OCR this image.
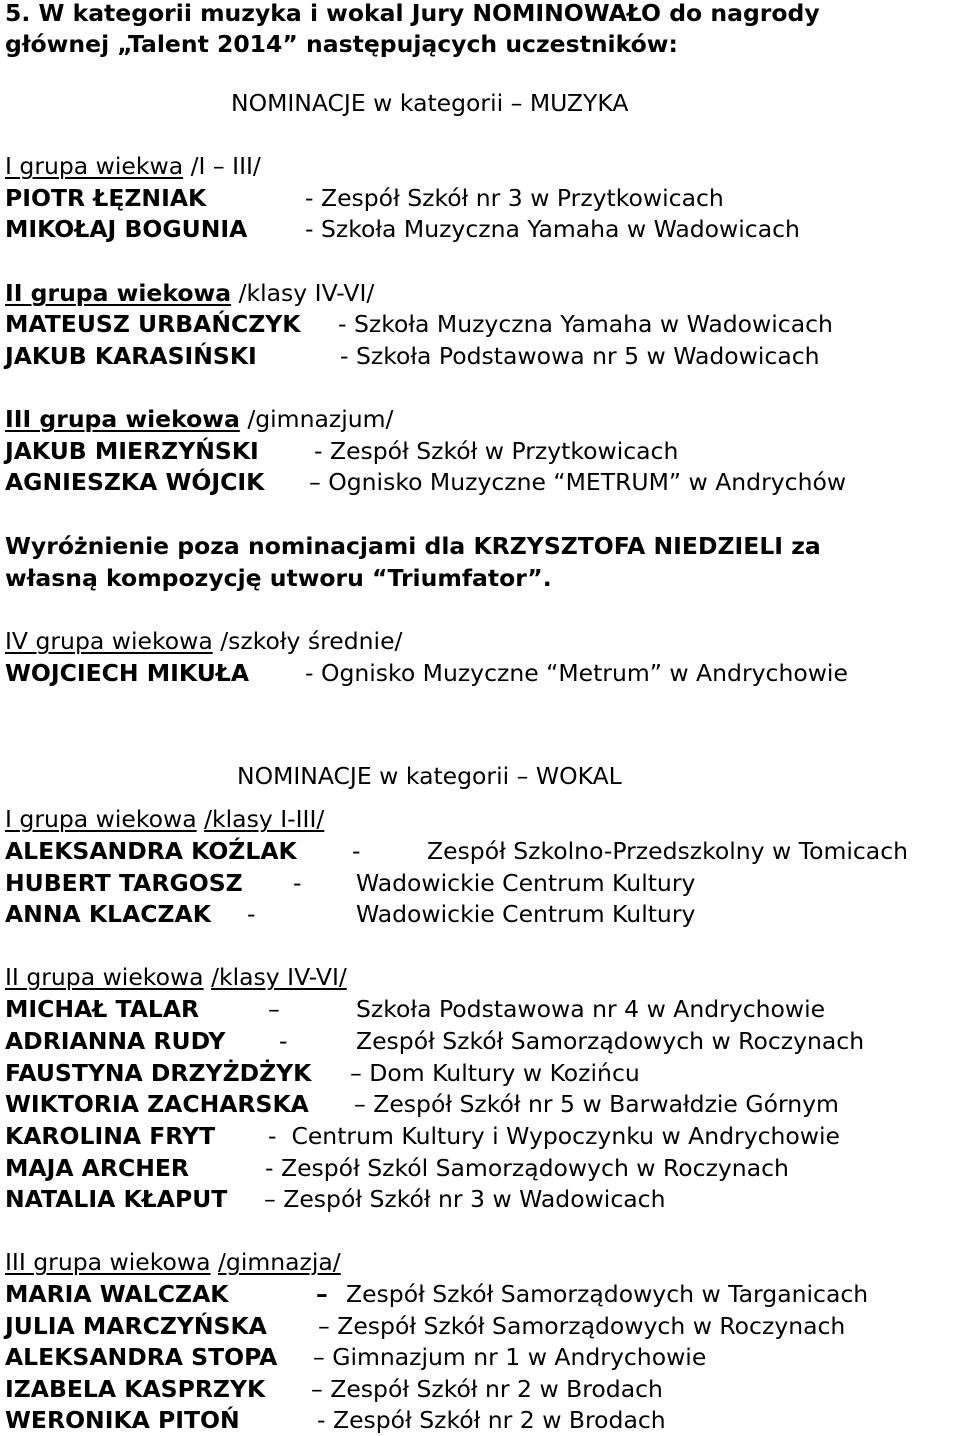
5. W kategorii muzyka i wokal Jury NOMINOWAŁO do nagrody
głównej „Talent 2014” następujących uczestników:
NOMINACJE w kategorii – MUZYKA
I grupa wiekwa /I – III/
PIOTR ŁĘZNIAK	- Zespół Szkół nr 3 w Przytkowicach
MIKOŁAJ BOGUNIA - Szkoła Muzyczna Yamaha w Wadowicach
II grupa wiekowa /klasy IV-VI/
MATEUSZ URBAŃCZYK - Szkoła Muzyczna Yamaha w Wadowicach
JAKUB KARASIŃSKI	- Szkoła Podstawowa nr 5 w Wadowicach
III grupa wiekowa /gimnazjum/
JAKUB MIERZYŃSKI - Zespół Szkół w Przytkowicach
AGNIESZKA WÓJCIK – Ognisko Muzyczne “METRUM” w Andrychów
Wyróżnienie poza nominacjami dla KRZYSZTOFA NIEDZIELI za
własną kompozycję utworu “Triumfator”.
IV grupa wiekowa /szkoły średnie/
WOJCIECH MIKUŁA - Ognisko Muzyczne “Metrum” w Andrychowie
NOMINACJE w kategorii – WOKAL
I grupa wiekowa /klasy I-III/
ALEKSANDRA KOŹLAK -	Zespół Szkolno-Przedszkolny w Tomicach
HUBERT TARGOSZ - Wadowickie Centrum Kultury
ANNA KLACZAK -	Wadowickie Centrum Kultury
II grupa wiekowa /klasy IV-VI/
MICHAŁ TALAR	–	Szkoła Podstawowa nr 4 w Andrychowie
ADRIANNA RUDY -	Zespół Szkół Samorządowych w Roczynach
FAUSTYNA DRZYŻDŻYK – Dom Kultury w Kozińcu
WIKTORIA ZACHARSKA – Zespół Szkół nr 5 w Barwałdzie Górnym
KAROLINA FRYT - Centrum Kultury i Wypoczynku w Andrychowie
MAJA ARCHER	- Zespół Szkól Samorządowych w Roczynach
NATALIA KŁAPUT – Zespół Szkół nr 3 w Wadowicach
III grupa wiekowa /gimnazja/
MARIA WALCZAK	– Zespół Szkół Samorządowych w Targanicach
JULIA MARCZYŃSKA – Zespół Szkół Samorządowych w Roczynach
ALEKSANDRA STOPA – Gimnazjum nr 1 w Andrychowie
IZABELA KASPRZYK – Zespół Szkół nr 2 w Brodach
WERONIKA PITOŃ	- Zespół Szkół nr 2 w Brodach
